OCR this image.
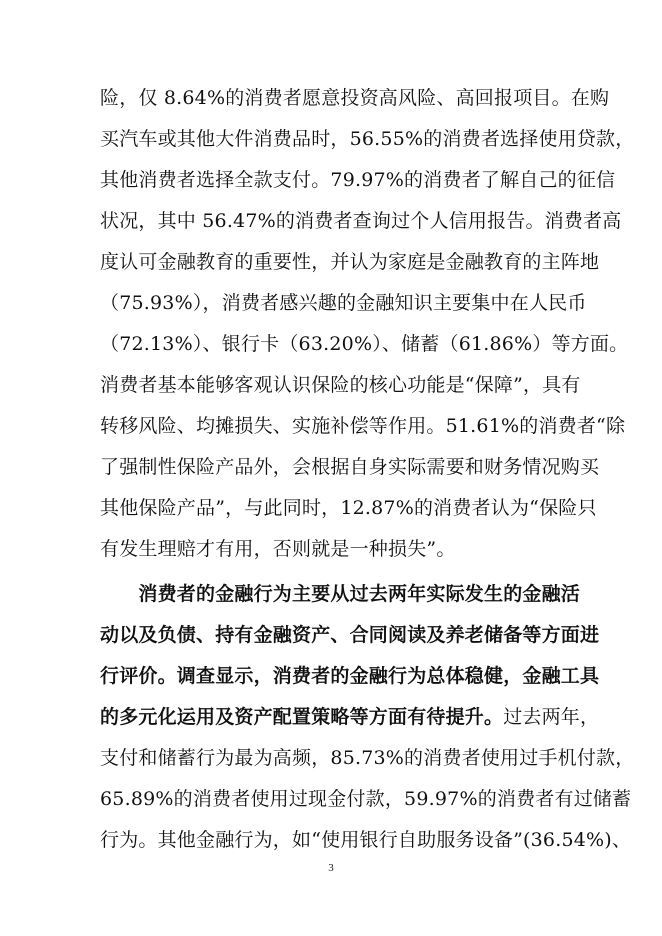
险，仅 8.64%的消费者愿意投资高风险、高回报项目。在购
买汽车或其他大件消费品时，56.55%的消费者选择使用贷款，
其他消费者选择全款支付。79.97%的消费者了解自己的征信
状况，其中 56.47%的消费者查询过个人信用报告。消费者高
度认可金融教育的重要性，并认为家庭是金融教育的主阵地
（75.93%），消费者感兴趣的金融知识主要集中在人民币
（72.13%）、银行卡（63.20%）、储蓄（61.86%）等方面。
消费者基本能够客观认识保险的核心功能是“保障”，具有
转移风险、均摊损失、实施补偿等作用。51.61%的消费者“除
了强制性保险产品外，会根据自身实际需要和财务情况购买
其他保险产品”，与此同时，12.87%的消费者认为“保险只
有发生理赔才有用，否则就是一种损失”。
　　消费者的金融行为主要从过去两年实际发生的金融活
动以及负债、持有金融资产、合同阅读及养老储备等方面进
行评价。调查显示，消费者的金融行为总体稳健，金融工具
的多元化运用及资产配置策略等方面有待提升。过去两年，
支付和储蓄行为最为高频，85.73%的消费者使用过手机付款，
65.89%的消费者使用过现金付款，59.97%的消费者有过储蓄
行为。其他金融行为，如“使用银行自助服务设备”(36.54%)、
3
